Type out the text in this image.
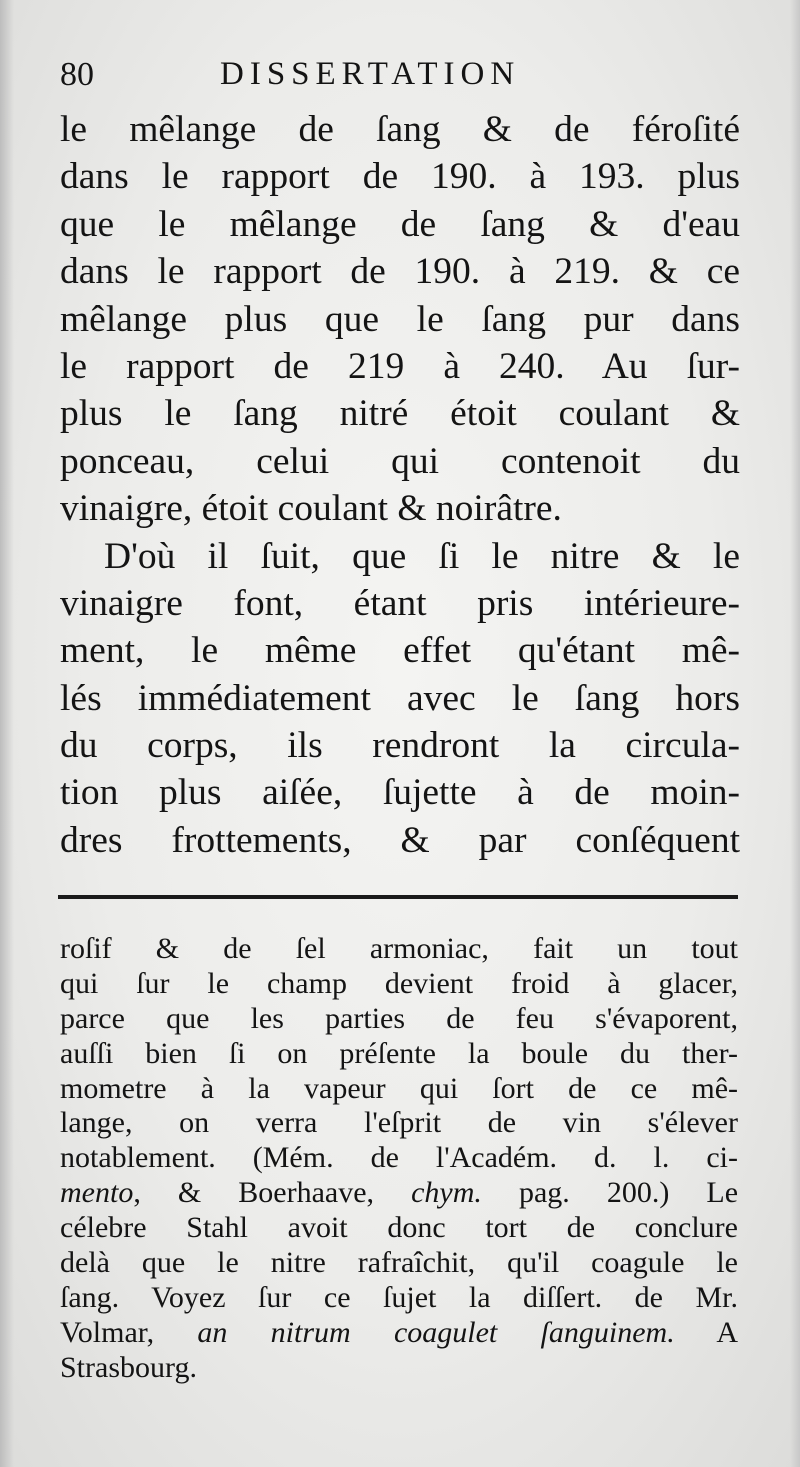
80	DISSERTATION
le mêlange de ſang & de féroſité
dans le rapport de 190. à 193. plus
que le mêlange de ſang & d'eau
dans le rapport de 190. à 219. & ce
mêlange plus que le ſang pur dans
le rapport de 219 à 240. Au ſur-
plus le ſang nitré étoit coulant &
ponceau, celui qui contenoit du
vinaigre, étoit coulant & noirâtre.
D'où il ſuit, que ſi le nitre & le
vinaigre font, étant pris intérieure-
ment, le même effet qu'étant mê-
lés immédiatement avec le ſang hors
du corps, ils rendront la circula-
tion plus aiſée, ſujette à de moin-
dres frottements, & par conſéquent
roſif & de ſel armoniac, fait un tout
qui ſur le champ devient froid à glacer,
parce que les parties de feu s'évaporent,
auſſi bien ſi on préſente la boule du ther-
mometre à la vapeur qui ſort de ce mê-
lange, on verra l'eſprit de vin s'élever
notablement. (Mém. de l'Académ. d. l. ci-
mento, & Boerhaave, chym. pag. 200.) Le
célebre Stahl avoit donc tort de conclure
delà que le nitre rafraîchit, qu'il coagule le
ſang. Voyez ſur ce ſujet la diſſert. de Mr.
Volmar, an nitrum coagulet ſanguinem. A
Strasbourg.
